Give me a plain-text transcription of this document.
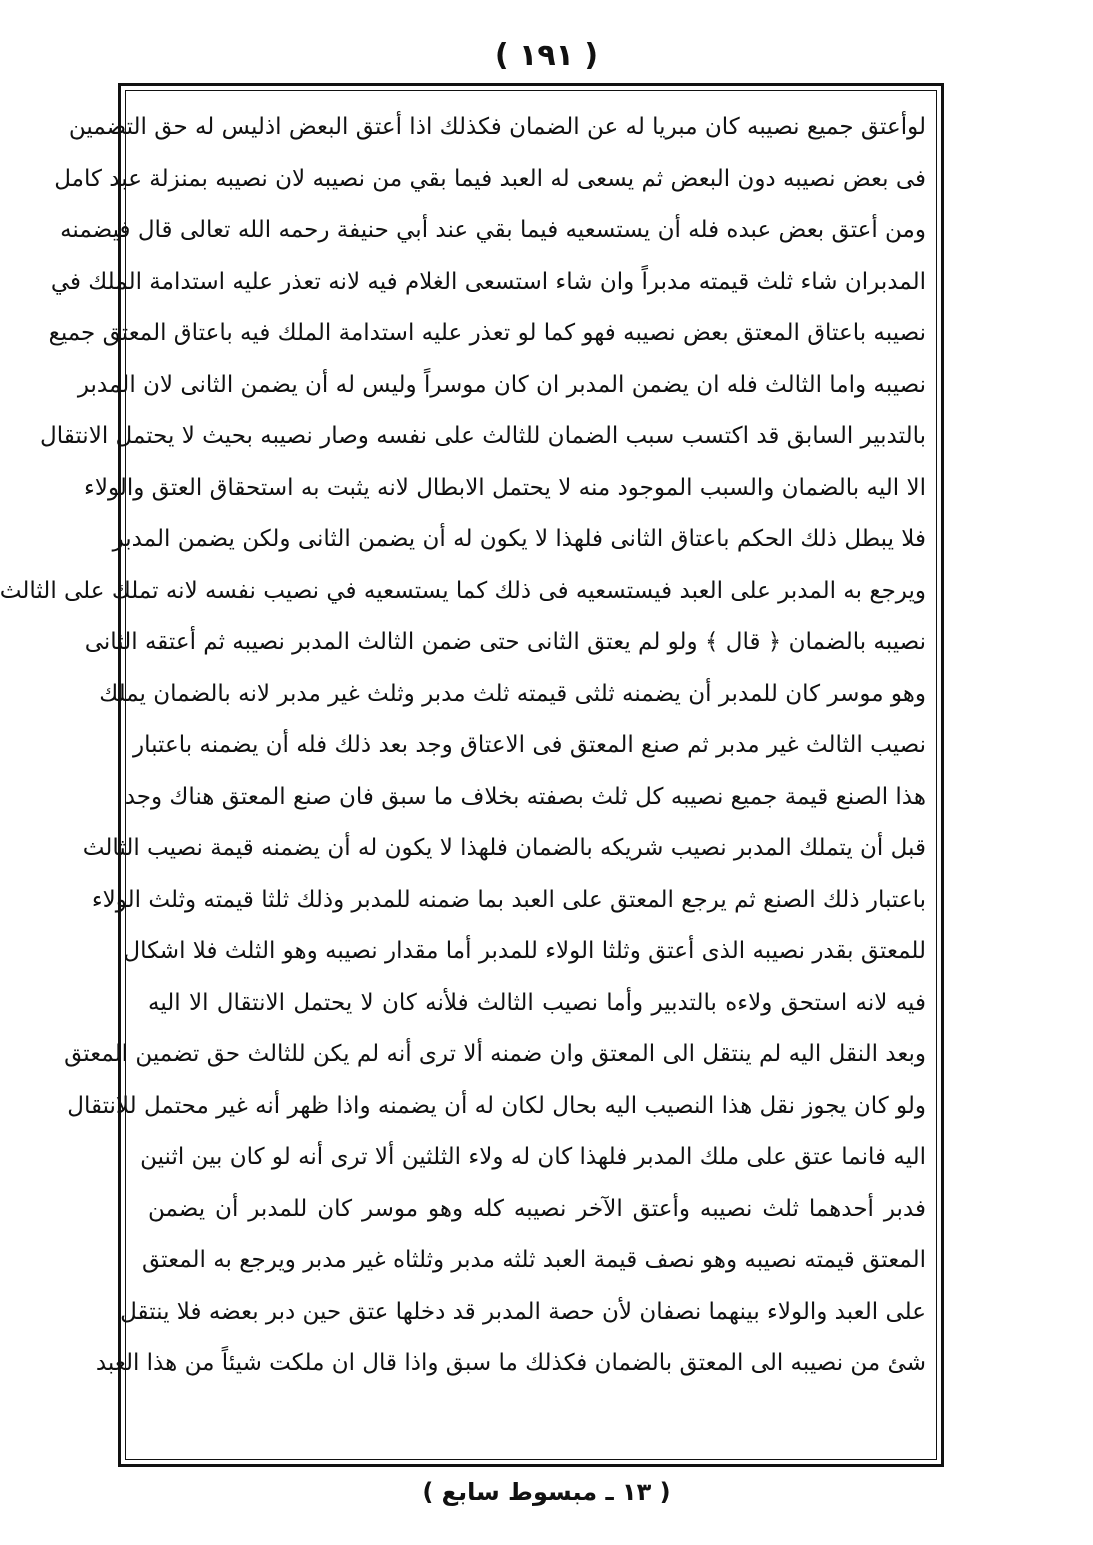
( ١٩١ )
لوأعتق جميع نصيبه كان مبريا له عن الضمان فكذلك اذا أعتق البعض اذليس له حق التضمين
فى بعض نصيبه دون البعض ثم يسعى له العبد فيما بقي من نصيبه لان نصيبه بمنزلة عبد كامل
ومن أعتق بعض عبده فله أن يستسعيه فيما بقي عند أبي حنيفة رحمه الله تعالى قال فيضمنه
المدبران شاء ثلث قيمته مدبراً وان شاء استسعى الغلام فيه لانه تعذر عليه استدامة الملك في
نصيبه باعتاق المعتق بعض نصيبه فهو كما لو تعذر عليه استدامة الملك فيه باعتاق المعتق جميع
نصيبه واما الثالث فله ان يضمن المدبر ان كان موسراً وليس له أن يضمن الثانى لان المدبر
بالتدبير السابق قد اكتسب سبب الضمان للثالث على نفسه وصار نصيبه بحيث لا يحتمل الانتقال
الا اليه بالضمان والسبب الموجود منه لا يحتمل الابطال لانه يثبت به استحقاق العتق والولاء
فلا يبطل ذلك الحكم باعتاق الثانى فلهذا لا يكون له أن يضمن الثانى ولكن يضمن المدبر
ويرجع به المدبر على العبد فيستسعيه فى ذلك كما يستسعيه في نصيب نفسه لانه تملك على الثالث
نصيبه بالضمان ﴿ قال ﴾ ولو لم يعتق الثانى حتى ضمن الثالث المدبر نصيبه ثم أعتقه الثانى
وهو موسر كان للمدبر أن يضمنه ثلثى قيمته ثلث مدبر وثلث غير مدبر لانه بالضمان يملك
نصيب الثالث غير مدبر ثم صنع المعتق فى الاعتاق وجد بعد ذلك فله أن يضمنه باعتبار
هذا الصنع قيمة جميع نصيبه كل ثلث بصفته بخلاف ما سبق فان صنع المعتق هناك وجد
قبل أن يتملك المدبر نصيب شريكه بالضمان فلهذا لا يكون له أن يضمنه قيمة نصيب الثالث
باعتبار ذلك الصنع ثم يرجع المعتق على العبد بما ضمنه للمدبر وذلك ثلثا قيمته وثلث الولاء
للمعتق بقدر نصيبه الذى أعتق وثلثا الولاء للمدبر أما مقدار نصيبه وهو الثلث فلا اشكال
فيه لانه استحق ولاءه بالتدبير وأما نصيب الثالث فلأنه كان لا يحتمل الانتقال الا اليه
وبعد النقل اليه لم ينتقل الى المعتق وان ضمنه ألا ترى أنه لم يكن للثالث حق تضمين المعتق
ولو كان يجوز نقل هذا النصيب اليه بحال لكان له أن يضمنه واذا ظهر أنه غير محتمل للانتقال
اليه فانما عتق على ملك المدبر فلهذا كان له ولاء الثلثين ألا ترى أنه لو كان بين اثنين
فدبر أحدهما ثلث نصيبه وأعتق الآخر نصيبه كله وهو موسر كان للمدبر أن يضمن
المعتق قيمته نصيبه وهو نصف قيمة العبد ثلثه مدبر وثلثاه غير مدبر ويرجع به المعتق
على العبد والولاء بينهما نصفان لأن حصة المدبر قد دخلها عتق حين دبر بعضه فلا ينتقل
شئ من نصيبه الى المعتق بالضمان فكذلك ما سبق واذا قال ان ملكت شيئاً من هذا العبد
( ١٣ ـ مبسوط سابع )
